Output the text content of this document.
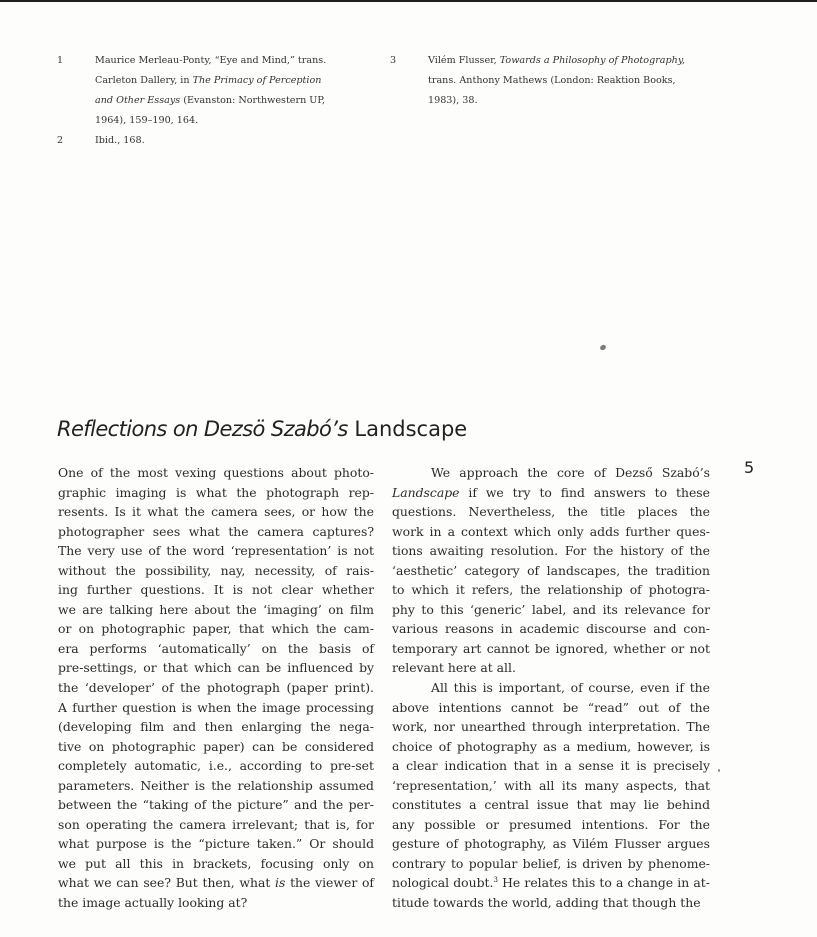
1	Maurice Merleau-Ponty, “Eye and Mind,” trans.
Carleton Dallery, in The Primacy of Perception
and Other Essays (Evanston: Northwestern UP,
1964), 159–190, 164.
2	Ibid., 168.
3	Vilém Flusser, Towards a Philosophy of Photography,
trans. Anthony Mathews (London: Reaktion Books,
1983), 38.
Reflections on Dezsö Szabó’s Landscape
5
One of the most vexing questions about photo-
graphic imaging is what the photograph rep-
resents. Is it what the camera sees, or how the
photographer sees what the camera captures?
The very use of the word ‘representation’ is not
without the possibility, nay, necessity, of rais-
ing further questions. It is not clear whether
we are talking here about the ‘imaging’ on film
or on photographic paper, that which the cam-
era performs ‘automatically’ on the basis of
pre-settings, or that which can be influenced by
the ‘developer’ of the photograph (paper print).
A further question is when the image processing
(developing film and then enlarging the nega-
tive on photographic paper) can be considered
completely automatic, i.e., according to pre-set
parameters. Neither is the relationship assumed
between the “taking of the picture” and the per-
son operating the camera irrelevant; that is, for
what purpose is the “picture taken.” Or should
we put all this in brackets, focusing only on
what we can see? But then, what is the viewer of
the image actually looking at?
We approach the core of Dezső Szabó’s
Landscape if we try to find answers to these
questions. Nevertheless, the title places the
work in a context which only adds further ques-
tions awaiting resolution. For the history of the
‘aesthetic’ category of landscapes, the tradition
to which it refers, the relationship of photogra-
phy to this ‘generic’ label, and its relevance for
various reasons in academic discourse and con-
temporary art cannot be ignored, whether or not
relevant here at all.
All this is important, of course, even if the
above intentions cannot be “read” out of the
work, nor unearthed through interpretation. The
choice of photography as a medium, however, is
a clear indication that in a sense it is precisely
‘representation,’ with all its many aspects, that
constitutes a central issue that may lie behind
any possible or presumed intentions. For the
gesture of photography, as Vilém Flusser argues
contrary to popular belief, is driven by phenome-
nological doubt.$^3$ He relates this to a change in at-
titude towards the world, adding that though the
